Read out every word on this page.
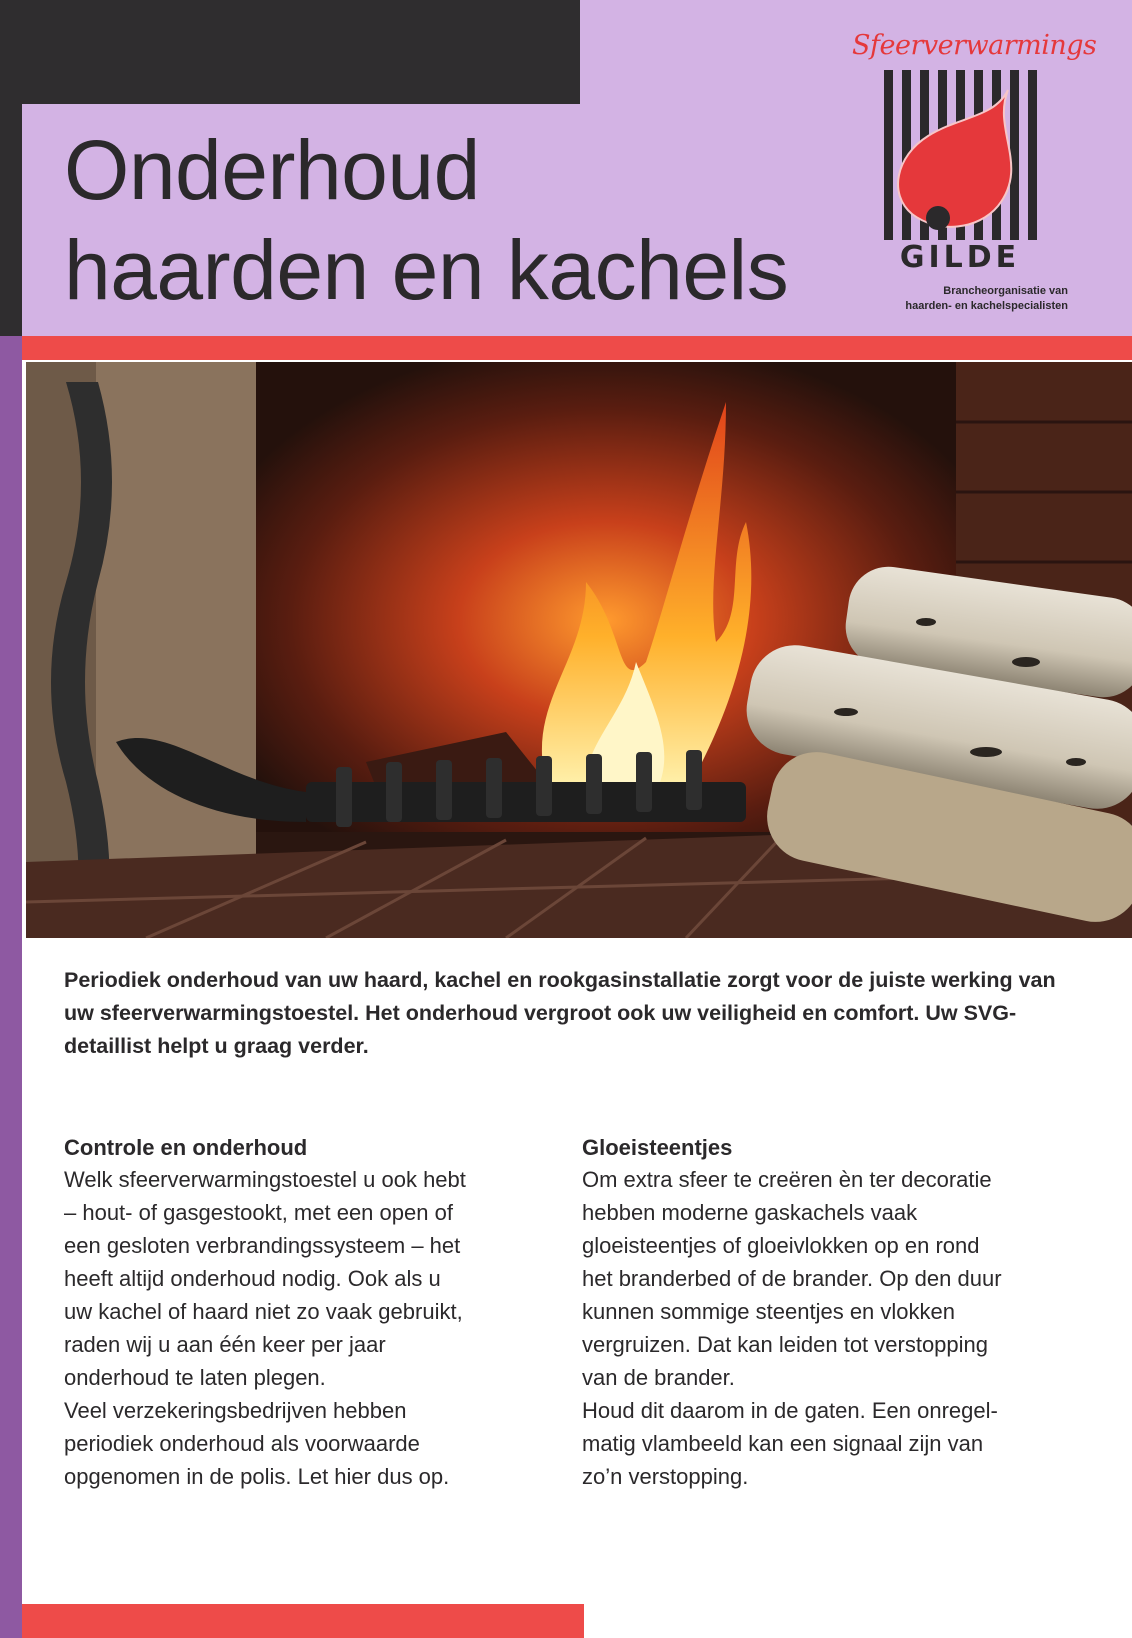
Onderhoud
haarden en kachels
Sfeerverwarmings
GILDE
Brancheorganisatie van
haarden- en kachelspecialisten

Periodiek onderhoud van uw haard, kachel en rookgasinstallatie zorgt voor de juiste werking van uw sfeerverwarmingstoestel. Het onderhoud vergroot ook uw veiligheid en comfort. Uw SVG-detaillist helpt u graag verder.

Controle en onderhoud
Welk sfeerverwarmingstoestel u ook hebt
– hout- of gasgestookt, met een open of
een gesloten verbrandingssysteem – het
heeft altijd onderhoud nodig. Ook als u
uw kachel of haard niet zo vaak gebruikt,
raden wij u aan één keer per jaar
onderhoud te laten plegen.
Veel verzekeringsbedrijven hebben
periodiek onderhoud als voorwaarde
opgenomen in de polis. Let hier dus op.
Gloeisteentjes
Om extra sfeer te creëren èn ter decoratie
hebben moderne gaskachels vaak
gloeisteentjes of gloeivlokken op en rond
het branderbed of de brander. Op den duur
kunnen sommige steentjes en vlokken
vergruizen. Dat kan leiden tot verstopping
van de brander.
Houd dit daarom in de gaten. Een onregel-
matig vlambeeld kan een signaal zijn van
zo’n verstopping.
